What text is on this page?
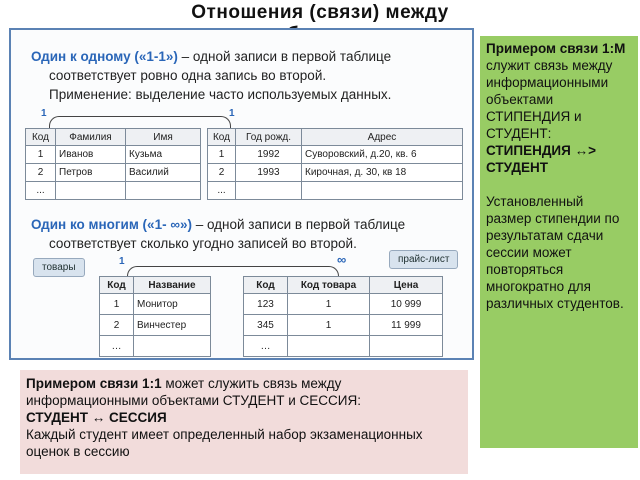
Отношения (связи) между
Один к одному («1-1») – одной записи в первой таблице
соответствует ровно одна запись во второй.
Применение: выделение часто используемых данных.
1	1
Код	Фамилия	Имя
1	Иванов	Кузьма
2	Петров	Василий
...		
Код	Год рожд.	Адрес
1	1992	Суворовский, д.20, кв. 6
2	1993	Кирочная, д. 30, кв 18
...		
Один ко многим («1- ∞») – одной записи в первой таблице
соответствует сколько угодно записей во второй.
товары
прайс-лист
1	∞
Код	Название
1	Монитор
2	Винчестер
…	
Код	Код товара	Цена
123	1	10 999
345	1	11 999
…		
Примером связи 1:М служит связь между информационными объектами СТИПЕНДИЯ и СТУДЕНТ:
СТИПЕНДИЯ ↔> СТУДЕНТ

Установленный размер стипендии по результатам сдачи сессии может повторяться многократно для различных студентов.
Примером связи 1:1 может служить связь между информационными объектами СТУДЕНТ и СЕССИЯ:
СТУДЕНТ ↔ СЕССИЯ
Каждый студент имеет определенный набор экзаменационных оценок в сессию
